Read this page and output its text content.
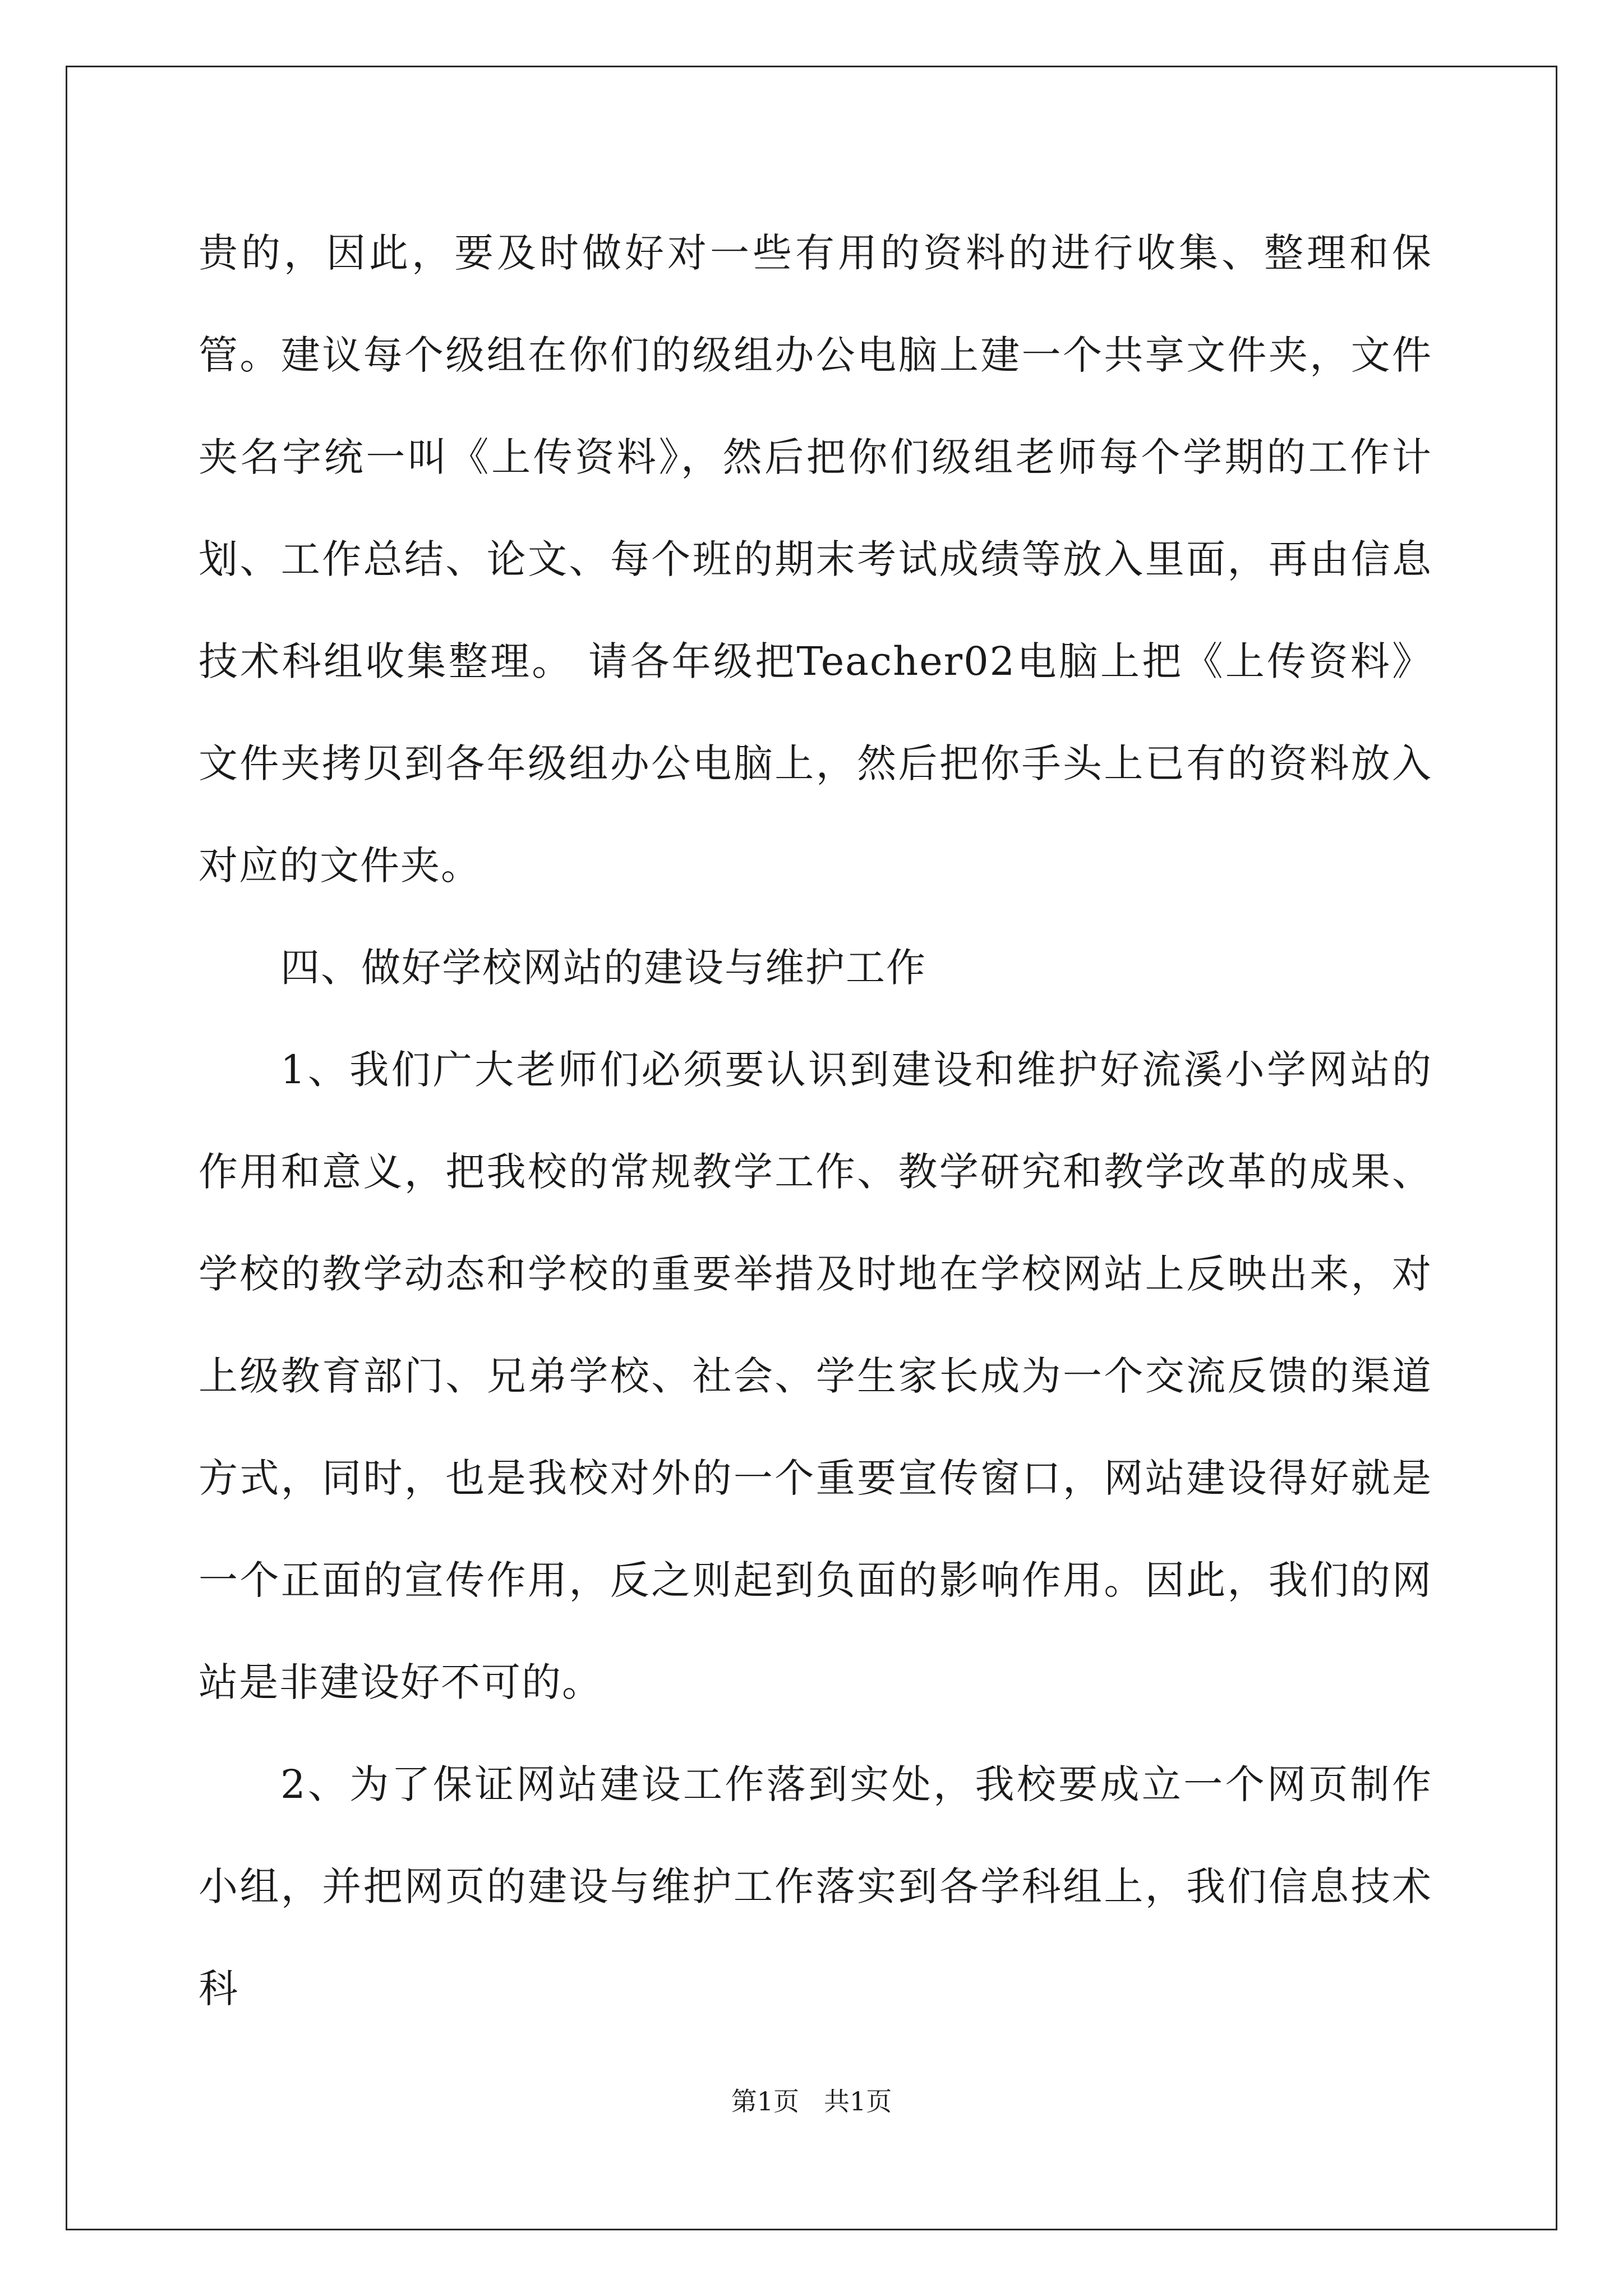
贵的，因此，要及时做好对一些有用的资料的进行收集、整理和保管。建议每个级组在你们的级组办公电脑上建一个共享文件夹，文件夹名字统一叫《上传资料》，然后把你们级组老师每个学期的工作计划、工作总结、论文、每个班的期末考试成绩等放入里面，再由信息技术科组收集整理。 请各年级把Teacher02电脑上把《上传资料》文件夹拷贝到各年级组办公电脑上，然后把你手头上已有的资料放入对应的文件夹。

四、做好学校网站的建设与维护工作

1、我们广大老师们必须要认识到建设和维护好流溪小学网站的作用和意义，把我校的常规教学工作、教学研究和教学改革的成果、学校的教学动态和学校的重要举措及时地在学校网站上反映出来，对上级教育部门、兄弟学校、社会、学生家长成为一个交流反馈的渠道方式，同时，也是我校对外的一个重要宣传窗口，网站建设得好就是一个正面的宣传作用，反之则起到负面的影响作用。因此，我们的网站是非建设好不可的。

2、为了保证网站建设工作落到实处，我校要成立一个网页制作小组，并把网页的建设与维护工作落实到各学科组上，我们信息技术科

第1页 共1页
